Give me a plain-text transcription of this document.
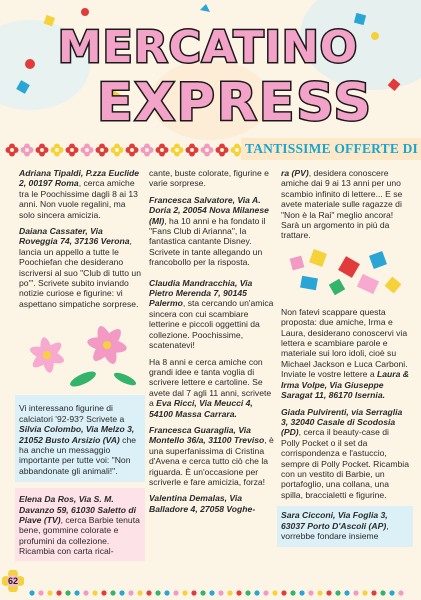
MERCATINO
EXPRESS
TANTISSIME OFFERTE DI

Adriana Tipaldi, P.zza Euclide 2, 00197 Roma, cerca amiche tra le Poochissime dagli 8 ai 13 anni. Non vuole regalini, ma solo sincera amicizia.

Daiana Cassater, Via Roveggia 74, 37136 Verona, lancia un appello a tutte le Poochiefan che desiderano iscriversi al suo "Club di tutto un po'". Scrivete subito inviando notizie curiose e figurine: vi aspettano simpatiche sorprese.

Vi interessano figurine di calciatori '92-93? Scrivete a Silvia Colombo, Via Melzo 3, 21052 Busto Arsizio (VA) che ha anche un messaggio importante per tutte voi: "Non abbandonate gli animali!".
Elena Da Ros, Via S. M. Davanzo 59, 61030 Saletto di Piave (TV), cerca Barbie tenuta bene, gommine colorate e profumini da collezione. Ricambia con carta rical-

cante, buste colorate, figurine e varie sorprese.

Francesca Salvatore, Via A. Doria 2, 20054 Nova Milanese (MI), ha 10 anni e ha fondato il "Fans Club di Arianna", la fantastica cantante Disney. Scrivete in tante allegando un francobollo per la risposta.

Claudia Mandracchia, Via Pietro Merenda 7, 90145 Palermo, sta cercando un'amica sincera con cui scambiare letterine e piccoli oggettini da collezione. Poochissime, scatenatevi!

Ha 8 anni e cerca amiche con grandi idee e tanta voglia di scrivere lettere e cartoline. Se avete dal 7 agli 11 anni, scrivete a Eva Ricci, Via Meucci 4, 54100 Massa Carrara.

Francesca Guaraglia, Via Montello 36/a, 31100 Treviso, è una superfanissima di Cristina d'Avena e cerca tutto ciò che la riguarda. È un'occasione per scriverle e fare amicizia, forza!

Valentina Demalas, Via Balladore 4, 27058 Voghe-

ra (PV), desidera conoscere amiche dai 9 ai 13 anni per uno scambio infinito di lettere... E se avete materiale sulle ragazze di "Non è la Rai" meglio ancora! Sarà un argomento in più da trattare.

Non fatevi scappare questa proposta: due amiche, Irma e Laura, desiderano conoscervi via lettera e scambiare parole e materiale sui loro idoli, cioè su Michael Jackson e Luca Carboni. Inviate le vostre lettere a Laura & Irma Volpe, Via Giuseppe Saragat 11, 86170 Isernia.

Giada Pulvirenti, via Serraglia 3, 32040 Casale di Scodosia (PD), cerca il beauty-case di Polly Pocket o il set da corrispondenza e l'astuccio, sempre di Polly Pocket. Ricambia con un vestito di Barbie, un portafoglio, una collana, una spilla, braccialetti e figurine.

Sara Cicconi, Via Foglia 3, 63037 Porto D'Ascoli (AP), vorrebbe fondare insieme
62
